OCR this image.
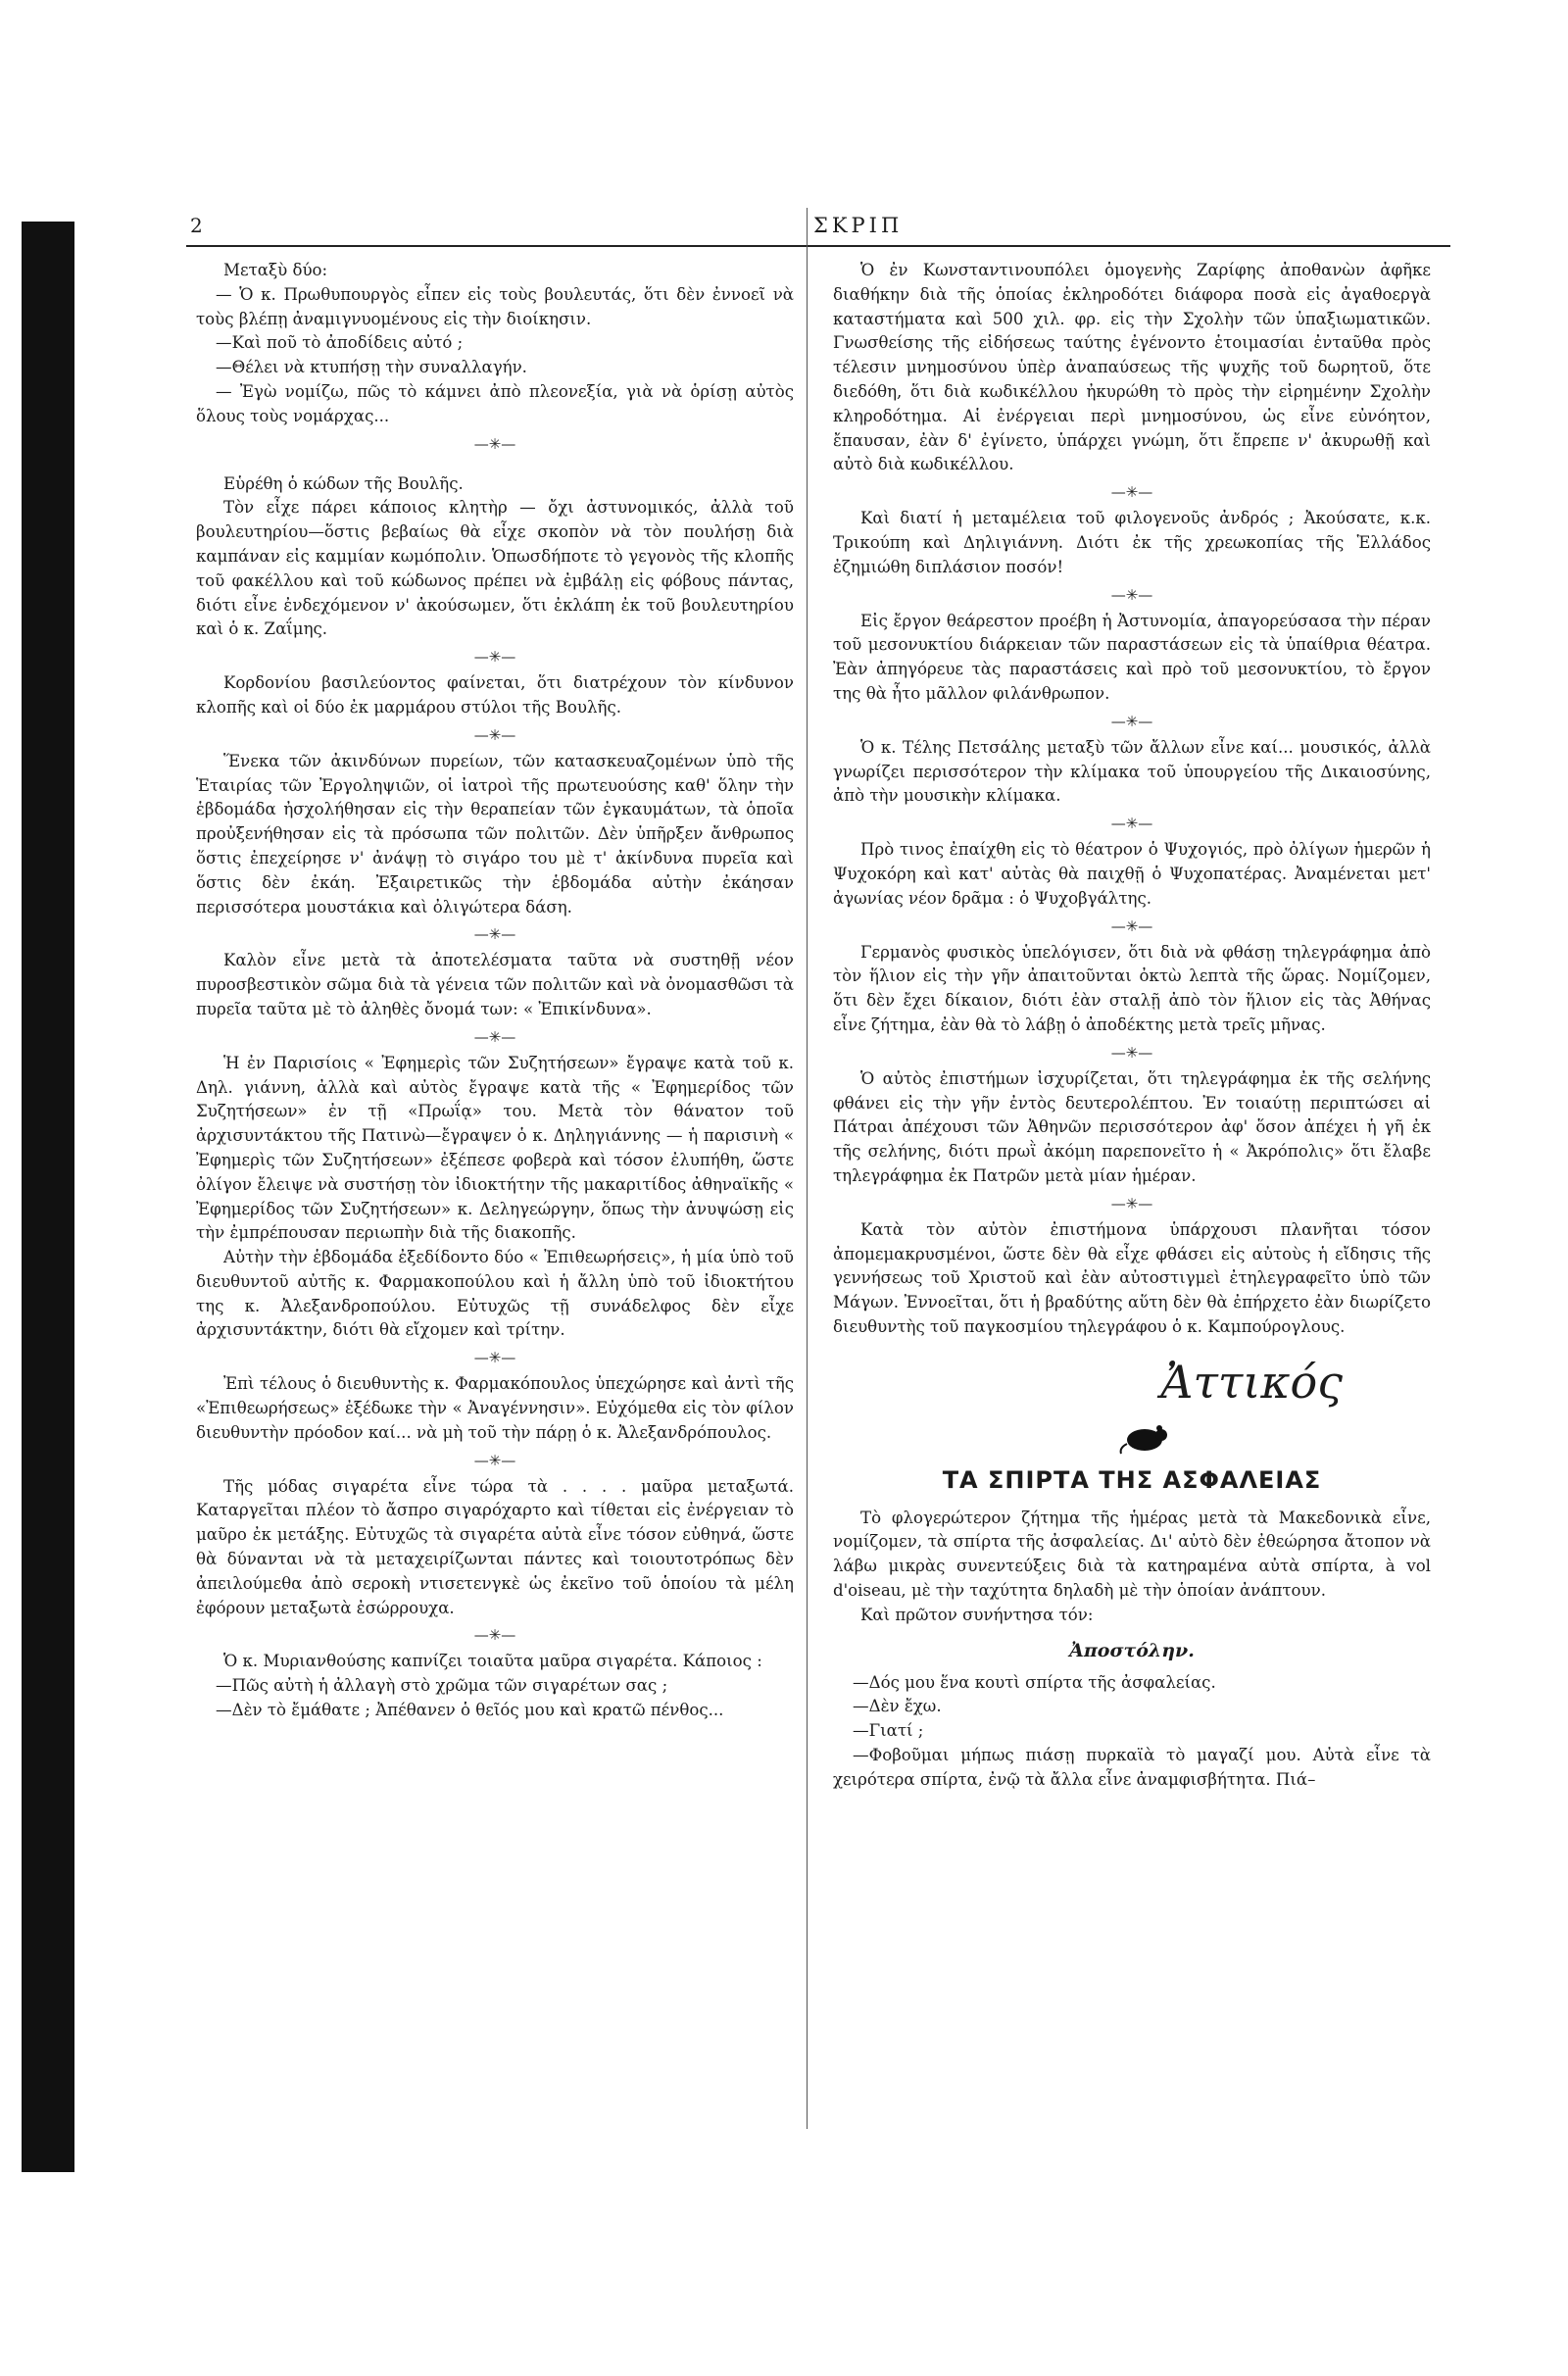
2	ΣΚΡΙΠ

Μεταξὺ δύο:

— Ὁ κ. Πρωθυπουργὸς εἶπεν εἰς τοὺς βουλευτάς, ὅτι δὲν ἐννοεῖ νὰ τοὺς βλέπῃ ἀναμιγνυομένους εἰς τὴν διοίκησιν.

—Καὶ ποῦ τὸ ἀποδίδεις αὐτό ;

—Θέλει νὰ κτυπήσῃ τὴν συναλλαγήν.

— Ἐγὼ νομίζω, πῶς τὸ κάμνει ἀπὸ πλεονεξία, γιὰ νὰ ὁρίσῃ αὐτὸς ὅλους τοὺς νομάρχας...

—✳—

Εὑρέθη ὁ κώδων τῆς Βουλῆς.

Τὸν εἶχε πάρει κάποιος κλητὴρ — ὄχι ἀστυνομικός, ἀλλὰ τοῦ βουλευτηρίου—ὅστις βεβαίως θὰ εἶχε σκοπὸν νὰ τὸν πουλήσῃ διὰ καμπάναν εἰς καμμίαν κωμόπολιν. Ὁπωσδήποτε τὸ γεγονὸς τῆς κλοπῆς τοῦ φακέλλου καὶ τοῦ κώδωνος πρέπει νὰ ἐμβάλῃ εἰς φόβους πάντας, διότι εἶνε ἐνδεχόμενον ν' ἀκούσωμεν, ὅτι ἐκλάπη ἐκ τοῦ βουλευτηρίου καὶ ὁ κ. Ζαΐμης.

—✳—

Κορδονίου βασιλεύοντος φαίνεται, ὅτι διατρέχουν τὸν κίνδυνον κλοπῆς καὶ οἱ δύο ἐκ μαρμάρου στύλοι τῆς Βουλῆς.

—✳—

Ἕνεκα τῶν ἀκινδύνων πυρείων, τῶν κατασκευαζομένων ὑπὸ τῆς Ἑταιρίας τῶν Ἐργοληψιῶν, οἱ ἰατροὶ τῆς πρωτευούσης καθ' ὅλην τὴν ἑβδομάδα ἠσχολήθησαν εἰς τὴν θεραπείαν τῶν ἐγκαυμάτων, τὰ ὁποῖα προὐξενήθησαν εἰς τὰ πρόσωπα τῶν πολιτῶν. Δὲν ὑπῆρξεν ἄνθρωπος ὅστις ἐπεχείρησε ν' ἀνάψῃ τὸ σιγάρο του μὲ τ' ἀκίνδυνα πυρεῖα καὶ ὅστις δὲν ἐκάη. Ἐξαιρετικῶς τὴν ἑβδομάδα αὐτὴν ἐκάησαν περισσότερα μουστάκια καὶ ὀλιγώτερα δάση.

—✳—

Καλὸν εἶνε μετὰ τὰ ἀποτελέσματα ταῦτα νὰ συστηθῇ νέον πυροσβεστικὸν σῶμα διὰ τὰ γένεια τῶν πολιτῶν καὶ νὰ ὀνομασθῶσι τὰ πυρεῖα ταῦτα μὲ τὸ ἀληθὲς ὄνομά των: « Ἐπικίνδυνα».

—✳—

Ἡ ἐν Παρισίοις « Ἐφημερὶς τῶν Συζητήσεων» ἔγραψε κατὰ τοῦ κ. Δηλ. γιάννη, ἀλλὰ καὶ αὐτὸς ἔγραψε κατὰ τῆς « Ἐφημερίδος τῶν Συζητήσεων» ἐν τῇ «Πρωΐᾳ» του. Μετὰ τὸν θάνατον τοῦ ἀρχισυντάκτου τῆς Πατινὼ—ἔγραψεν ὁ κ. Δηληγιάννης — ἡ παρισινὴ « Ἐφημερὶς τῶν Συζητήσεων» ἐξέπεσε φοβερὰ καὶ τόσον ἐλυπήθη, ὥστε ὀλίγον ἔλειψε νὰ συστήσῃ τὸν ἰδιοκτήτην τῆς μακαριτίδος ἀθηναϊκῆς « Ἐφημερίδος τῶν Συζητήσεων» κ. Δεληγεώργην, ὅπως τὴν ἀνυψώσῃ εἰς τὴν ἐμπρέπουσαν περιωπὴν διὰ τῆς διακοπῆς.

Αὐτὴν τὴν ἑβδομάδα ἐξεδίδοντο δύο « Ἐπιθεωρήσεις», ἡ μία ὑπὸ τοῦ διευθυντοῦ αὐτῆς κ. Φαρμακοπούλου καὶ ἡ ἄλλη ὑπὸ τοῦ ἰδιοκτήτου της κ. Ἀλεξανδροπούλου. Εὐτυχῶς τῇ συνάδελφος δὲν εἶχε ἀρχισυντάκτην, διότι θὰ εἴχομεν καὶ τρίτην.

—✳—

Ἐπὶ τέλους ὁ διευθυντὴς κ. Φαρμακόπουλος ὑπεχώρησε καὶ ἀντὶ τῆς «Ἐπιθεωρήσεως» ἐξέδωκε τὴν « Ἀναγέννησιν». Εὐχόμεθα εἰς τὸν φίλον διευθυντὴν πρόοδον καί... νὰ μὴ τοῦ τὴν πάρῃ ὁ κ. Ἀλεξανδρόπουλος.

—✳—

Τῆς μόδας σιγαρέτα εἶνε τώρα τὰ . . . . μαῦρα μεταξωτά. Καταργεῖται πλέον τὸ ἄσπρο σιγαρόχαρτο καὶ τίθεται εἰς ἐνέργειαν τὸ μαῦρο ἐκ μετάξης. Εὐτυχῶς τὰ σιγαρέτα αὐτὰ εἶνε τόσον εὐθηνά, ὥστε θὰ δύνανται νὰ τὰ μεταχειρίζωνται πάντες καὶ τοιουτοτρόπως δὲν ἀπειλούμεθα ἀπὸ σεροκὴ ντισετενγκὲ ὡς ἐκεῖνο τοῦ ὁποίου τὰ μέλη ἐφόρουν μεταξωτὰ ἐσώρρουχα.

—✳—

Ὁ κ. Μυριανθούσης καπνίζει τοιαῦτα μαῦρα σιγαρέτα. Κάποιος :

—Πῶς αὐτὴ ἡ ἀλλαγὴ στὸ χρῶμα τῶν σιγαρέτων σας ;

—Δὲν τὸ ἔμάθατε ; Ἀπέθανεν ὁ θεῖός μου καὶ κρατῶ πένθος...

Ὁ ἐν Κωνσταντινουπόλει ὁμογενὴς Ζαρίφης ἀποθανὼν ἀφῆκε διαθήκην διὰ τῆς ὁποίας ἐκληροδότει διάφορα ποσὰ εἰς ἀγαθοεργὰ καταστήματα καὶ 500 χιλ. φρ. εἰς τὴν Σχολὴν τῶν ὑπαξιωματικῶν. Γνωσθείσης τῆς εἰδήσεως ταύτης ἐγένοντο ἑτοιμασίαι ἐνταῦθα πρὸς τέλεσιν μνημοσύνου ὑπὲρ ἀναπαύσεως τῆς ψυχῆς τοῦ δωρητοῦ, ὅτε διεδόθη, ὅτι διὰ κωδικέλλου ἠκυρώθη τὸ πρὸς τὴν εἰρημένην Σχολὴν κληροδότημα. Αἱ ἐνέργειαι περὶ μνημοσύνου, ὡς εἶνε εὐνόητον, ἔπαυσαν, ἐὰν δ' ἐγίνετο, ὑπάρχει γνώμη, ὅτι ἔπρεπε ν' ἀκυρωθῇ καὶ αὐτὸ διὰ κωδικέλλου.

—✳—

Καὶ διατί ἡ μεταμέλεια τοῦ φιλογενοῦς ἀνδρός ; Ἀκούσατε, κ.κ. Τρικούπη καὶ Δηλιγιάννη. Διότι ἐκ τῆς χρεωκοπίας τῆς Ἑλλάδος ἐζημιώθη διπλάσιον ποσόν!

—✳—

Εἰς ἔργον θεάρεστον προέβη ἡ Ἀστυνομία, ἀπαγορεύσασα τὴν πέραν τοῦ μεσονυκτίου διάρκειαν τῶν παραστάσεων εἰς τὰ ὑπαίθρια θέατρα. Ἐὰν ἀπηγόρευε τὰς παραστάσεις καὶ πρὸ τοῦ μεσονυκτίου, τὸ ἔργον της θὰ ἦτο μᾶλλον φιλάνθρωπον.

—✳—

Ὁ κ. Τέλης Πετσάλης μεταξὺ τῶν ἄλλων εἶνε καί... μουσικός, ἀλλὰ γνωρίζει περισσότερον τὴν κλίμακα τοῦ ὑπουργείου τῆς Δικαιοσύνης, ἀπὸ τὴν μουσικὴν κλίμακα.

—✳—

Πρὸ τινος ἐπαίχθη εἰς τὸ θέατρον ὁ Ψυχογιός, πρὸ ὀλίγων ἡμερῶν ἡ Ψυχοκόρη καὶ κατ' αὐτὰς θὰ παιχθῇ ὁ Ψυχοπατέρας. Ἀναμένεται μετ' ἀγωνίας νέον δρᾶμα : ὁ Ψυχοβγάλτης.

—✳—

Γερμανὸς φυσικὸς ὑπελόγισεν, ὅτι διὰ νὰ φθάσῃ τηλεγράφημα ἀπὸ τὸν ἥλιον εἰς τὴν γῆν ἀπαιτοῦνται ὀκτὼ λεπτὰ τῆς ὥρας. Νομίζομεν, ὅτι δὲν ἔχει δίκαιον, διότι ἐὰν σταλῇ ἀπὸ τὸν ἥλιον εἰς τὰς Ἀθήνας εἶνε ζήτημα, ἐὰν θὰ τὸ λάβῃ ὁ ἀποδέκτης μετὰ τρεῖς μῆνας.

—✳—

Ὁ αὐτὸς ἐπιστήμων ἰσχυρίζεται, ὅτι τηλεγράφημα ἐκ τῆς σελήνης φθάνει εἰς τὴν γῆν ἐντὸς δευτερολέπτου. Ἐν τοιαύτῃ περιπτώσει αἱ Πάτραι ἀπέχουσι τῶν Ἀθηνῶν περισσότερον ἀφ' ὅσον ἀπέχει ἡ γῆ ἐκ τῆς σελήνης, διότι πρωῒ ἀκόμη παρεπονεῖτο ἡ « Ἀκρόπολις» ὅτι ἔλαβε τηλεγράφημα ἐκ Πατρῶν μετὰ μίαν ἡμέραν.

—✳—

Κατὰ τὸν αὐτὸν ἐπιστήμονα ὑπάρχουσι πλανῆται τόσον ἀπομεμακρυσμένοι, ὥστε δὲν θὰ εἶχε φθάσει εἰς αὐτοὺς ἡ εἴδησις τῆς γεννήσεως τοῦ Χριστοῦ καὶ ἐὰν αὐτοστιγμεὶ ἐτηλεγραφεῖτο ὑπὸ τῶν Μάγων. Ἐννοεῖται, ὅτι ἡ βραδύτης αὕτη δὲν θὰ ἐπήρχετο ἐὰν διωρίζετο διευθυντὴς τοῦ παγκοσμίου τηλεγράφου ὁ κ. Καμπούρογλους.

Ἀττικός
ΤΑ ΣΠΙΡΤΑ ΤΗΣ ΑΣΦΑΛΕΙΑΣ

Τὸ φλογερώτερον ζήτημα τῆς ἡμέρας μετὰ τὰ Μακεδονικὰ εἶνε, νομίζομεν, τὰ σπίρτα τῆς ἀσφαλείας. Δι' αὐτὸ δὲν ἐθεώρησα ἄτοπον νὰ λάβω μικρὰς συνεντεύξεις διὰ τὰ κατηραμένα αὐτὰ σπίρτα, à vol d'oiseau, μὲ τὴν ταχύτητα δηλαδὴ μὲ τὴν ὁποίαν ἀνάπτουν.

Καὶ πρῶτον συνήντησα τόν:

Ἀποστόλην.

—Δός μου ἕνα κουτὶ σπίρτα τῆς ἀσφαλείας.

—Δὲν ἔχω.

—Γιατί ;

—Φοβοῦμαι μήπως πιάσῃ πυρκαϊὰ τὸ μαγαζί μου. Αὐτὰ εἶνε τὰ χειρότερα σπίρτα, ἐνῷ τὰ ἄλλα εἶνε ἀναμφισβήτητα. Πιά–
